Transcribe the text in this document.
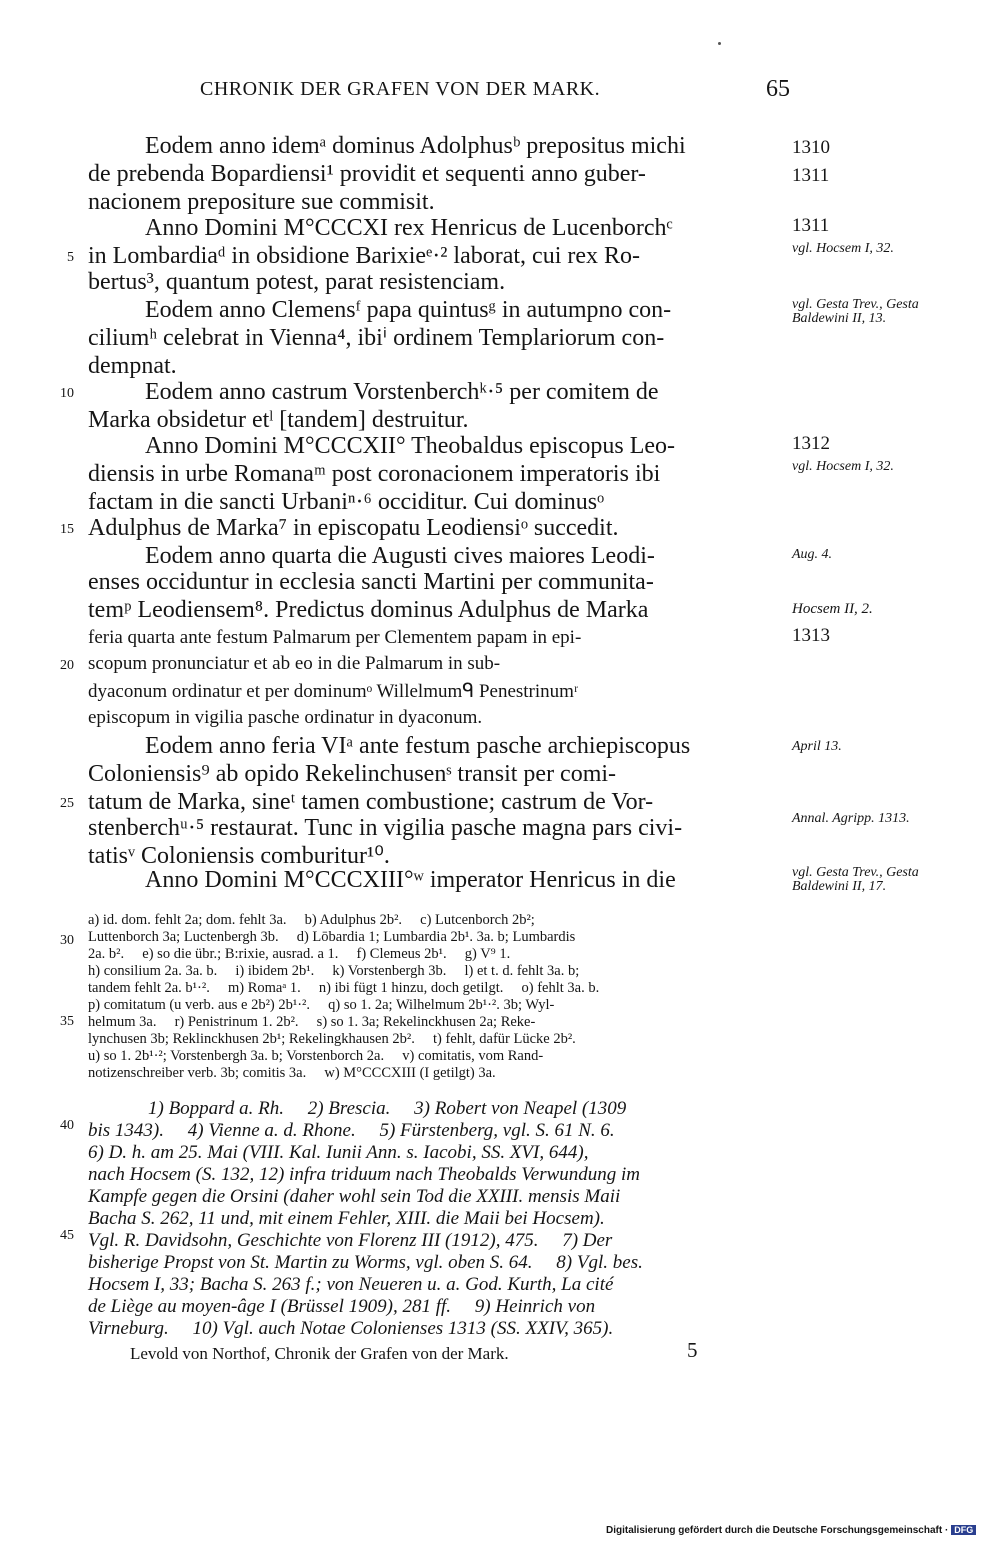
CHRONIK DER GRAFEN VON DER MARK.	65
Eodem anno idemᵃ dominus Adolphusᵇ prepositus michi
de prebenda Bopardiensi¹ providit et sequenti anno guber-
nacionem prepositure sue commisit.
Anno Domini M°CCCXI rex Henricus de Lucenborchᶜ
in Lombardiaᵈ in obsidione Barixieᵉ·² laborat, cui rex Ro-
bertus³, quantum potest, parat resistenciam.
Eodem anno Clemensᶠ papa quintusᵍ in autumpno con-
ciliumʰ celebrat in Vienna⁴, ibiⁱ ordinem Templariorum con-
dempnat.
Eodem anno castrum Vorstenberchᵏ·⁵ per comitem de
Marka obsidetur etˡ [tandem] destruitur.
Anno Domini M°CCCXII° Theobaldus episcopus Leo-
diensis in urbe Romanaᵐ post coronacionem imperatoris ibi
factam in die sancti Urbaniⁿ·⁶ occiditur. Cui dominusᵒ
Adulphus de Marka⁷ in episcopatu Leodiensiᵒ succedit.
Eodem anno quarta die Augusti cives maiores Leodi-
enses occiduntur in ecclesia sancti Martini per communita-
temᵖ Leodiensem⁸. Predictus dominus Adulphus de Marka
feria quarta ante festum Palmarum per Clementem papam in epi-
scopum pronunciatur et ab eo in die Palmarum in sub-
dyaconum ordinatur et per dominumᵒ Willelmumᑫ Penestrinumʳ
episcopum in vigilia pasche ordinatur in dyaconum.
Eodem anno feria VIᵃ ante festum pasche archiepiscopus
Coloniensis⁹ ab opido Rekelinchusenˢ transit per comi-
tatum de Marka, sineᵗ tamen combustione; castrum de Vor-
stenberchᵘ·⁵ restaurat. Tunc in vigilia pasche magna pars civi-
tatisᵛ Coloniensis comburitur¹⁰.
Anno Domini M°CCCXIII°ʷ imperator Henricus in die
5
10
15
20
25
30
35
40
45
1310
1311
1311
vgl. Hocsem I, 32.
vgl. Gesta Trev., Gesta Baldewini II, 13.
1312
vgl. Hocsem I, 32.
Aug. 4.
Hocsem II, 2.
1313
April 13.
Annal. Agripp. 1313.
vgl. Gesta Trev., Gesta Baldewini II, 17.
a) id. dom. fehlt 2a; dom. fehlt 3a.     b) Adulphus 2b².     c) Lutcenborch 2b²;
Luttenborch 3a; Luctenbergh 3b.     d) Lōbardia 1; Lumbardia 2b¹. 3a. b; Lumbardis
2a. b².     e) so die übr.; B:rixie, ausrad. a 1.     f) Clemeus 2b¹.     g) V⁹ 1.
h) consilium 2a. 3a. b.     i) ibidem 2b¹.     k) Vorstenbergh 3b.     l) et t. d. fehlt 3a. b;
tandem fehlt 2a. b¹·².     m) Romaᵃ 1.     n) ibi fügt 1 hinzu, doch getilgt.     o) fehlt 3a. b.
p) comitatum (u verb. aus e 2b²) 2b¹·².     q) so 1. 2a; Wilhelmum 2b¹·². 3b; Wyl-
helmum 3a.     r) Penistrinum 1. 2b².     s) so 1. 3a; Rekelinckhusen 2a; Reke-
lynchusen 3b; Reklinckhusen 2b¹; Rekelingkhausen 2b².     t) fehlt, dafür Lücke 2b².
u) so 1. 2b¹·²; Vorstenbergh 3a. b; Vorstenborch 2a.     v) comitatis, vom Rand-
notizenschreiber verb. 3b; comitis 3a.     w) M°CCCXIII (I getilgt) 3a.
1) Boppard a. Rh.     2) Brescia.     3) Robert von Neapel (1309
bis 1343).     4) Vienne a. d. Rhone.     5) Fürstenberg, vgl. S. 61 N. 6.
6) D. h. am 25. Mai (VIII. Kal. Iunii Ann. s. Iacobi, SS. XVI, 644),
nach Hocsem (S. 132, 12) infra triduum nach Theobalds Verwundung im
Kampfe gegen die Orsini (daher wohl sein Tod die XXIII. mensis Maii
Bacha S. 262, 11 und, mit einem Fehler, XIII. die Maii bei Hocsem).
Vgl. R. Davidsohn, Geschichte von Florenz III (1912), 475.     7) Der
bisherige Propst von St. Martin zu Worms, vgl. oben S. 64.     8) Vgl. bes.
Hocsem I, 33; Bacha S. 263 f.; von Neueren u. a. God. Kurth, La cité
de Liège au moyen-âge I (Brüssel 1909), 281 ff.     9) Heinrich von
Virneburg.     10) Vgl. auch Notae Colonienses 1313 (SS. XXIV, 365).
Levold von Northof, Chronik der Grafen von der Mark.	5
Digitalisierung gefördert durch die Deutsche Forschungsgemeinschaft · DFG
